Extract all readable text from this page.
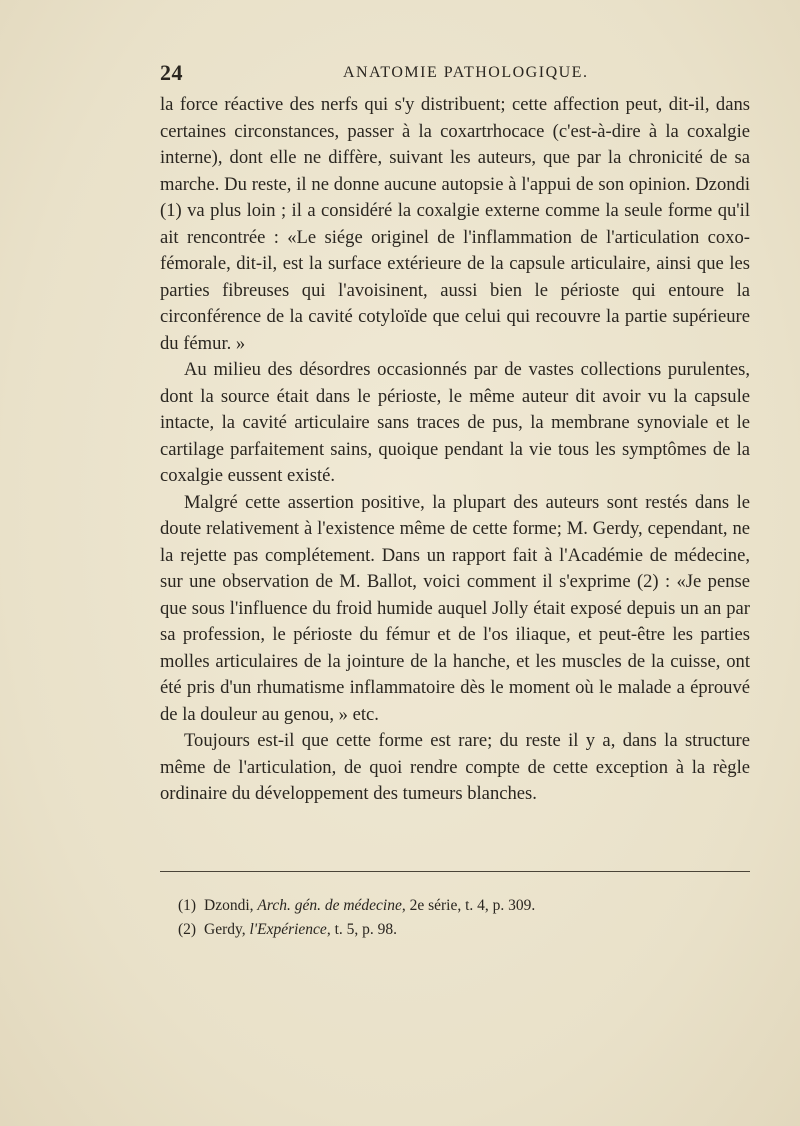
24	ANATOMIE PATHOLOGIQUE.

la force réactive des nerfs qui s'y distribuent; cette affection peut, dit-il, dans certaines circonstances, passer à la coxartrhocace (c'est-à-dire à la coxalgie interne), dont elle ne diffère, suivant les auteurs, que par la chronicité de sa marche. Du reste, il ne donne aucune autopsie à l'appui de son opinion. Dzondi (1) va plus loin ; il a considéré la coxalgie externe comme la seule forme qu'il ait rencontrée : «Le siége originel de l'inflammation de l'articulation coxo-fémorale, dit-il, est la surface extérieure de la capsule articulaire, ainsi que les parties fibreuses qui l'avoisinent, aussi bien le périoste qui entoure la circonférence de la cavité cotyloïde que celui qui recouvre la partie supérieure du fémur. »

Au milieu des désordres occasionnés par de vastes collections purulentes, dont la source était dans le périoste, le même auteur dit avoir vu la capsule intacte, la cavité articulaire sans traces de pus, la membrane synoviale et le cartilage parfaitement sains, quoique pendant la vie tous les symptômes de la coxalgie eussent existé.

Malgré cette assertion positive, la plupart des auteurs sont restés dans le doute relativement à l'existence même de cette forme; M. Gerdy, cependant, ne la rejette pas complétement. Dans un rapport fait à l'Académie de médecine, sur une observation de M. Ballot, voici comment il s'exprime (2) : «Je pense que sous l'influence du froid humide auquel Jolly était exposé depuis un an par sa profession, le périoste du fémur et de l'os iliaque, et peut-être les parties molles articulaires de la jointure de la hanche, et les muscles de la cuisse, ont été pris d'un rhumatisme inflammatoire dès le moment où le malade a éprouvé de la douleur au genou, » etc.

Toujours est-il que cette forme est rare; du reste il y a, dans la structure même de l'articulation, de quoi rendre compte de cette exception à la règle ordinaire du développement des tumeurs blanches.

(1) Dzondi, Arch. gén. de médecine, 2e série, t. 4, p. 309.
(2) Gerdy, l'Expérience, t. 5, p. 98.
